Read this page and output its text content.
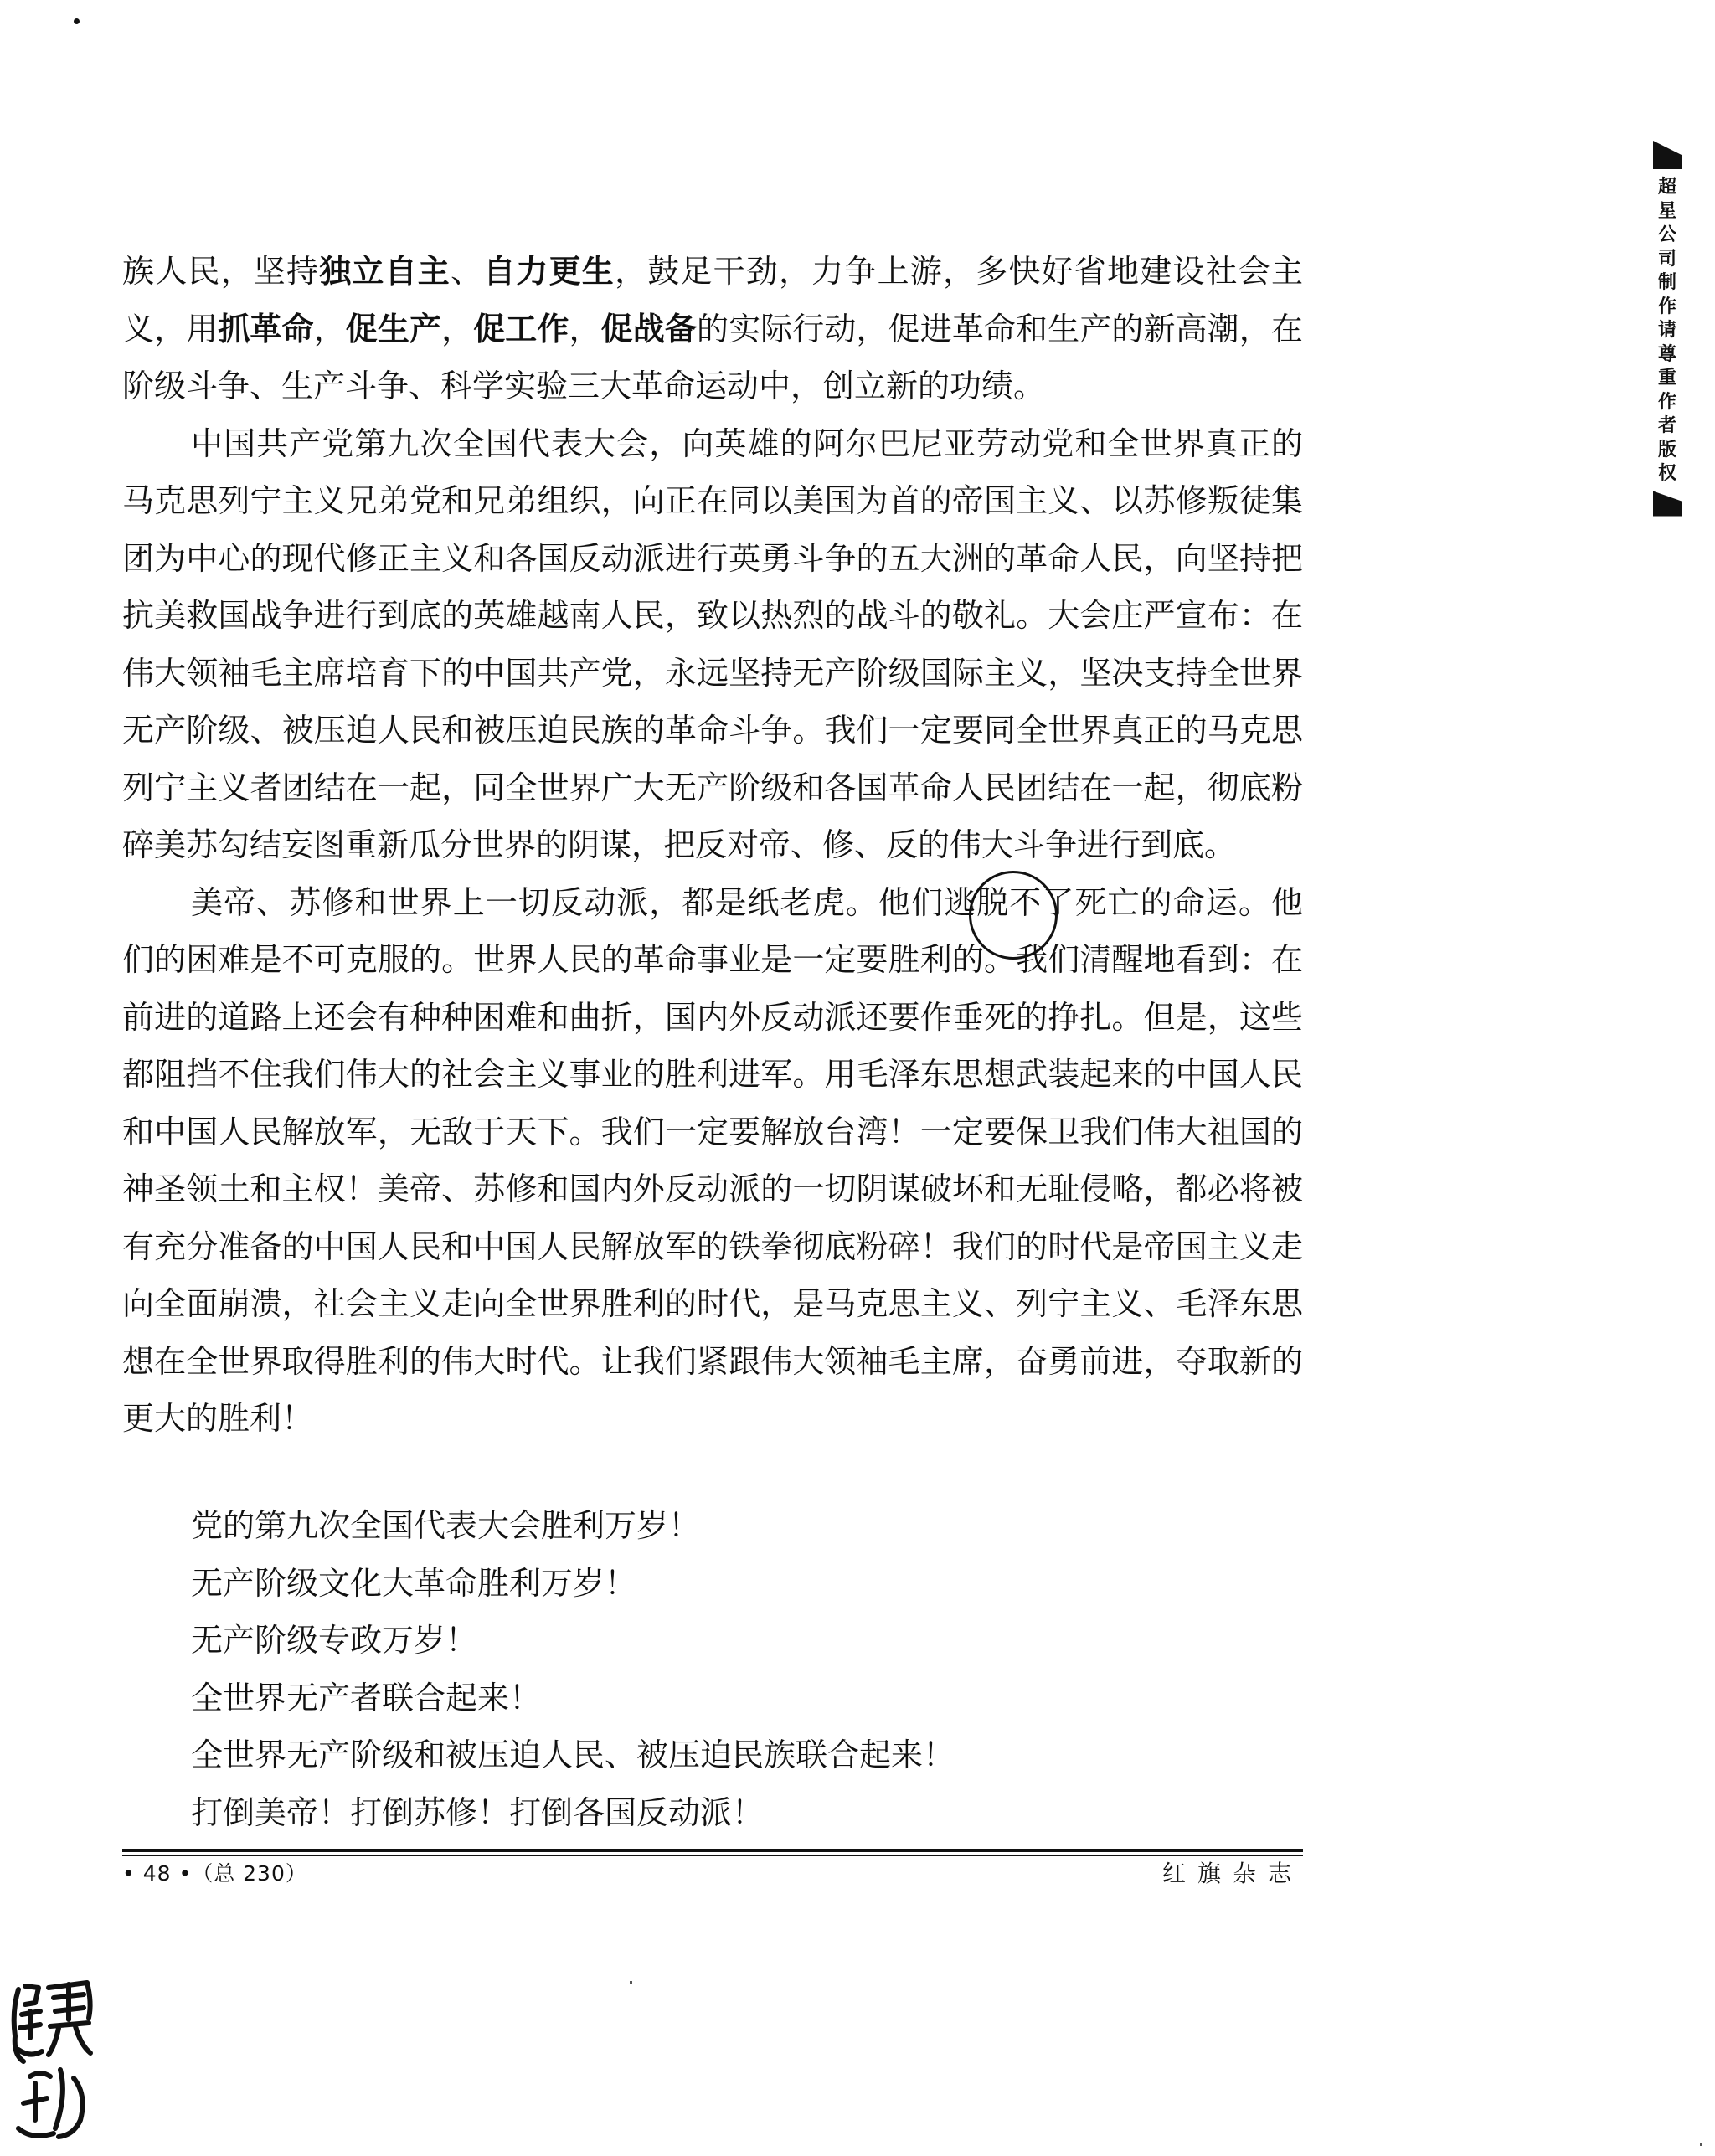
族人民，坚持独立自主、自力更生，鼓足干劲，力争上游，多快好省地建设社会主义，用抓革命，促生产，促工作，促战备的实际行动，促进革命和生产的新高潮，在阶级斗争、生产斗争、科学实验三大革命运动中，创立新的功绩。

中国共产党第九次全国代表大会，向英雄的阿尔巴尼亚劳动党和全世界真正的马克思列宁主义兄弟党和兄弟组织，向正在同以美国为首的帝国主义、以苏修叛徒集团为中心的现代修正主义和各国反动派进行英勇斗争的五大洲的革命人民，向坚持把抗美救国战争进行到底的英雄越南人民，致以热烈的战斗的敬礼。大会庄严宣布：在伟大领袖毛主席培育下的中国共产党，永远坚持无产阶级国际主义，坚决支持全世界无产阶级、被压迫人民和被压迫民族的革命斗争。我们一定要同全世界真正的马克思列宁主义者团结在一起，同全世界广大无产阶级和各国革命人民团结在一起，彻底粉碎美苏勾结妄图重新瓜分世界的阴谋，把反对帝、修、反的伟大斗争进行到底。

美帝、苏修和世界上一切反动派，都是纸老虎。他们逃脱不了死亡的命运。他们的困难是不可克服的。世界人民的革命事业是一定要胜利的。我们清醒地看到：在前进的道路上还会有种种困难和曲折，国内外反动派还要作垂死的挣扎。但是，这些都阻挡不住我们伟大的社会主义事业的胜利进军。用毛泽东思想武装起来的中国人民和中国人民解放军，无敌于天下。我们一定要解放台湾！一定要保卫我们伟大祖国的神圣领土和主权！美帝、苏修和国内外反动派的一切阴谋破坏和无耻侵略，都必将被有充分准备的中国人民和中国人民解放军的铁拳彻底粉碎！我们的时代是帝国主义走向全面崩溃，社会主义走向全世界胜利的时代，是马克思主义、列宁主义、毛泽东思想在全世界取得胜利的伟大时代。让我们紧跟伟大领袖毛主席，奋勇前进，夺取新的更大的胜利！

党的第九次全国代表大会胜利万岁！
无产阶级文化大革命胜利万岁！
无产阶级专政万岁！
全世界无产者联合起来！
全世界无产阶级和被压迫人民、被压迫民族联合起来！
打倒美帝！打倒苏修！打倒各国反动派！
• 48 •（总 230）	红旗杂志
超
星
公
司
制
作
请
尊
重
作
者
版
权
